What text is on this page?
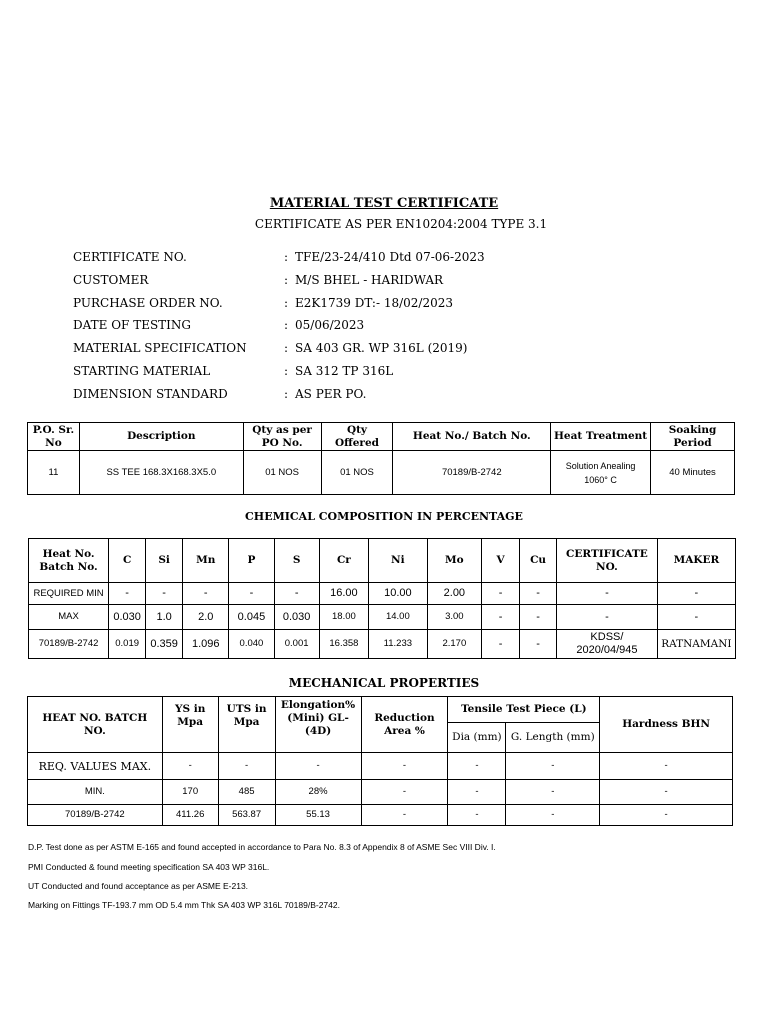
MATERIAL TEST CERTIFICATE
CERTIFICATE AS PER EN10204:2004 TYPE 3.1
CERTIFICATE NO.	: TFE/23-24/410 Dtd 07-06-2023
CUSTOMER	: M/S BHEL - HARIDWAR
PURCHASE ORDER NO.	: E2K1739 DT:- 18/02/2023
DATE OF TESTING	: 05/06/2023
MATERIAL SPECIFICATION	: SA 403 GR. WP 316L (2019)
STARTING MATERIAL	: SA 312 TP 316L
DIMENSION STANDARD	: AS PER PO.
P.O. Sr. No	Description	Qty as per PO No.	Qty Offered	Heat No./ Batch No.	Heat Treatment	Soaking Period
11	SS TEE 168.3X168.3X5.0	01 NOS	01 NOS	70189/B-2742	Solution Anealing 1060° C	40 Minutes
CHEMICAL COMPOSITION IN PERCENTAGE
Heat No. Batch No.	C	Si	Mn	P	S	Cr	Ni	Mo	V	Cu	CERTIFICATE NO.	MAKER
REQUIRED MIN	-	-	-	-	-	16.00	10.00	2.00	-	-	-	-
MAX	0.030	1.0	2.0	0.045	0.030	18.00	14.00	3.00	-	-	-	-
70189/B-2742	0.019	0.359	1.096	0.040	0.001	16.358	11.233	2.170	-	-	KDSS/ 2020/04/945	RATNAMANI
MECHANICAL PROPERTIES
HEAT NO. BATCH NO.	YS in Mpa	UTS in Mpa	Elongation% (Mini) GL- (4D)	Reduction Area %	Tensile Test Piece (L)		Hardness BHN
					Dia (mm)	G. Length (mm)	
REQ. VALUES MAX.	-	-	-	-	-	-	-
MIN.	170	485	28%	-	-	-	-
70189/B-2742	411.26	563.87	55.13	-	-	-	-
D.P. Test done as per ASTM E-165 and found accepted in accordance to Para No. 8.3 of Appendix 8 of ASME Sec VIII Div. I.
PMI Conducted & found meeting specification SA 403 WP 316L.
UT Conducted and found acceptance as per ASME E-213.
Marking on Fittings TF-193.7 mm OD 5.4 mm Thk SA 403 WP 316L 70189/B-2742.
